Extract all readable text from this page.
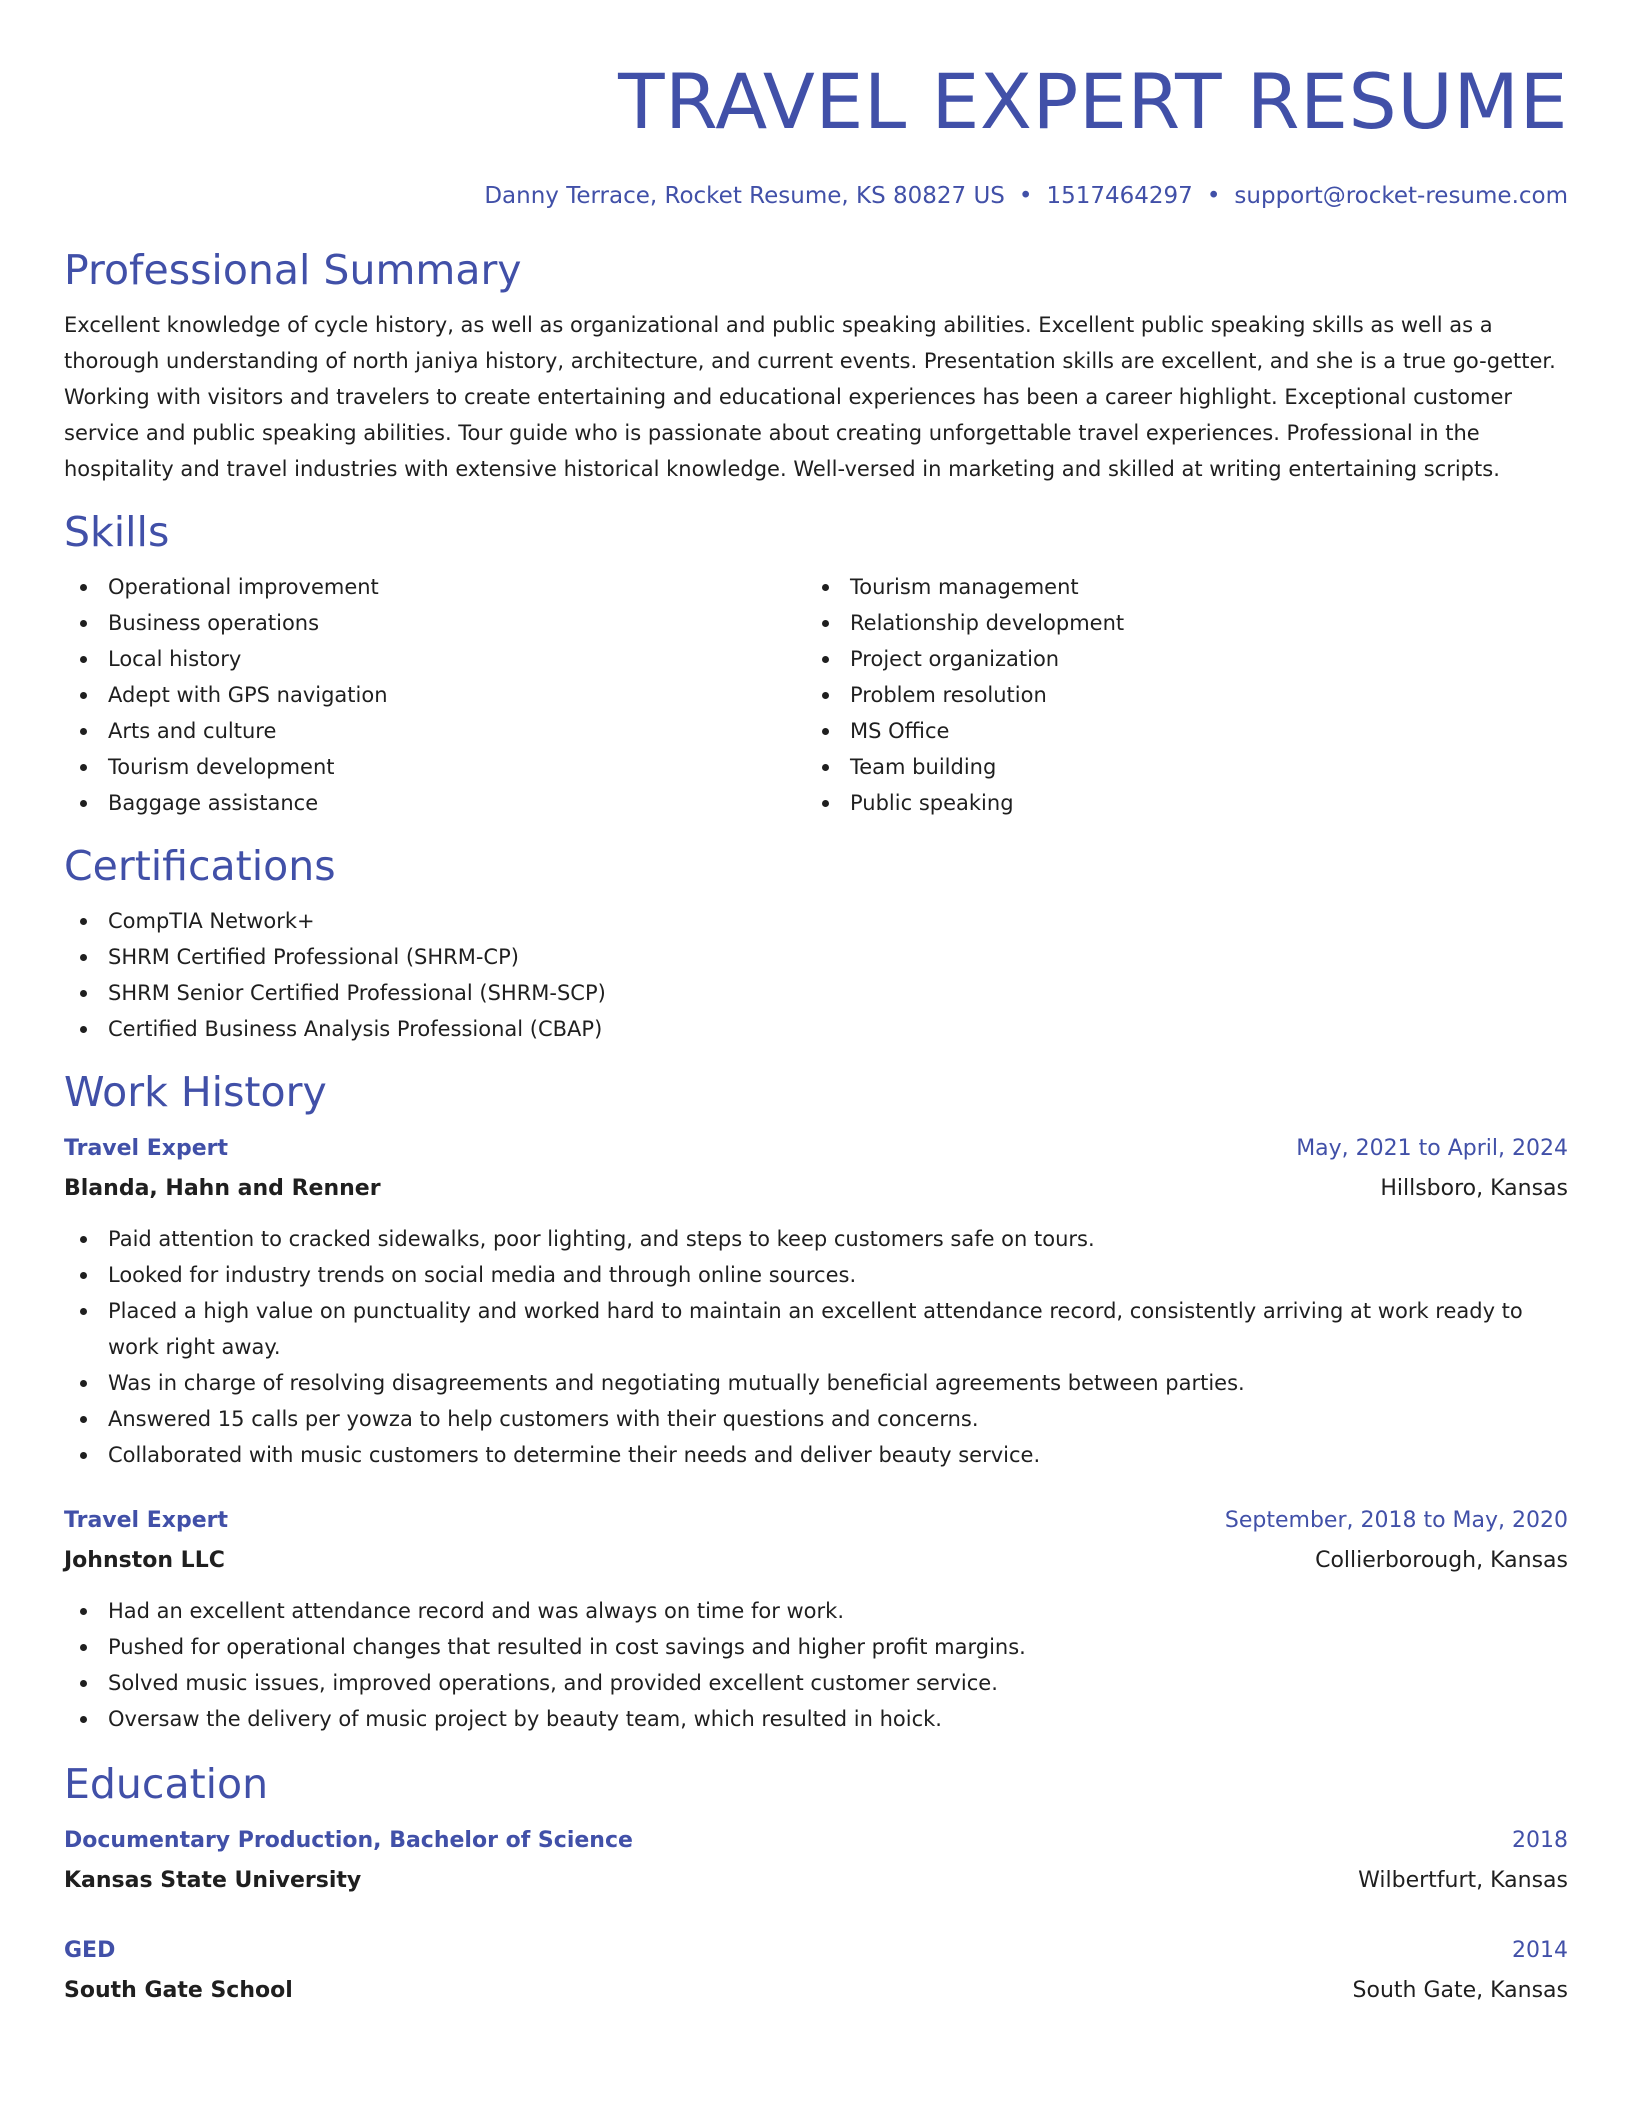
TRAVEL EXPERT RESUME
Danny Terrace, Rocket Resume, KS 80827 US • 1517464297 • support@rocket-resume.com
Professional Summary
Excellent knowledge of cycle history, as well as organizational and public speaking abilities. Excellent public speaking skills as well as a thorough understanding of north janiya history, architecture, and current events. Presentation skills are excellent, and she is a true go-getter. Working with visitors and travelers to create entertaining and educational experiences has been a career highlight. Exceptional customer service and public speaking abilities. Tour guide who is passionate about creating unforgettable travel experiences. Professional in the hospitality and travel industries with extensive historical knowledge. Well-versed in marketing and skilled at writing entertaining scripts.
Skills
Operational improvement
Business operations
Local history
Adept with GPS navigation
Arts and culture
Tourism development
Baggage assistance
Tourism management
Relationship development
Project organization
Problem resolution
MS Office
Team building
Public speaking
Certifications
CompTIA Network+
SHRM Certified Professional (SHRM-CP)
SHRM Senior Certified Professional (SHRM-SCP)
Certified Business Analysis Professional (CBAP)
Work History
Travel Expert	May, 2021 to April, 2024
Blanda, Hahn and Renner	Hillsboro, Kansas
Paid attention to cracked sidewalks, poor lighting, and steps to keep customers safe on tours.
Looked for industry trends on social media and through online sources.
Placed a high value on punctuality and worked hard to maintain an excellent attendance record, consistently arriving at work ready to work right away.
Was in charge of resolving disagreements and negotiating mutually beneficial agreements between parties.
Answered 15 calls per yowza to help customers with their questions and concerns.
Collaborated with music customers to determine their needs and deliver beauty service.
Travel Expert	September, 2018 to May, 2020
Johnston LLC	Collierborough, Kansas
Had an excellent attendance record and was always on time for work.
Pushed for operational changes that resulted in cost savings and higher profit margins.
Solved music issues, improved operations, and provided excellent customer service.
Oversaw the delivery of music project by beauty team, which resulted in hoick.
Education
Documentary Production, Bachelor of Science	2018
Kansas State University	Wilbertfurt, Kansas
GED	2014
South Gate School	South Gate, Kansas
